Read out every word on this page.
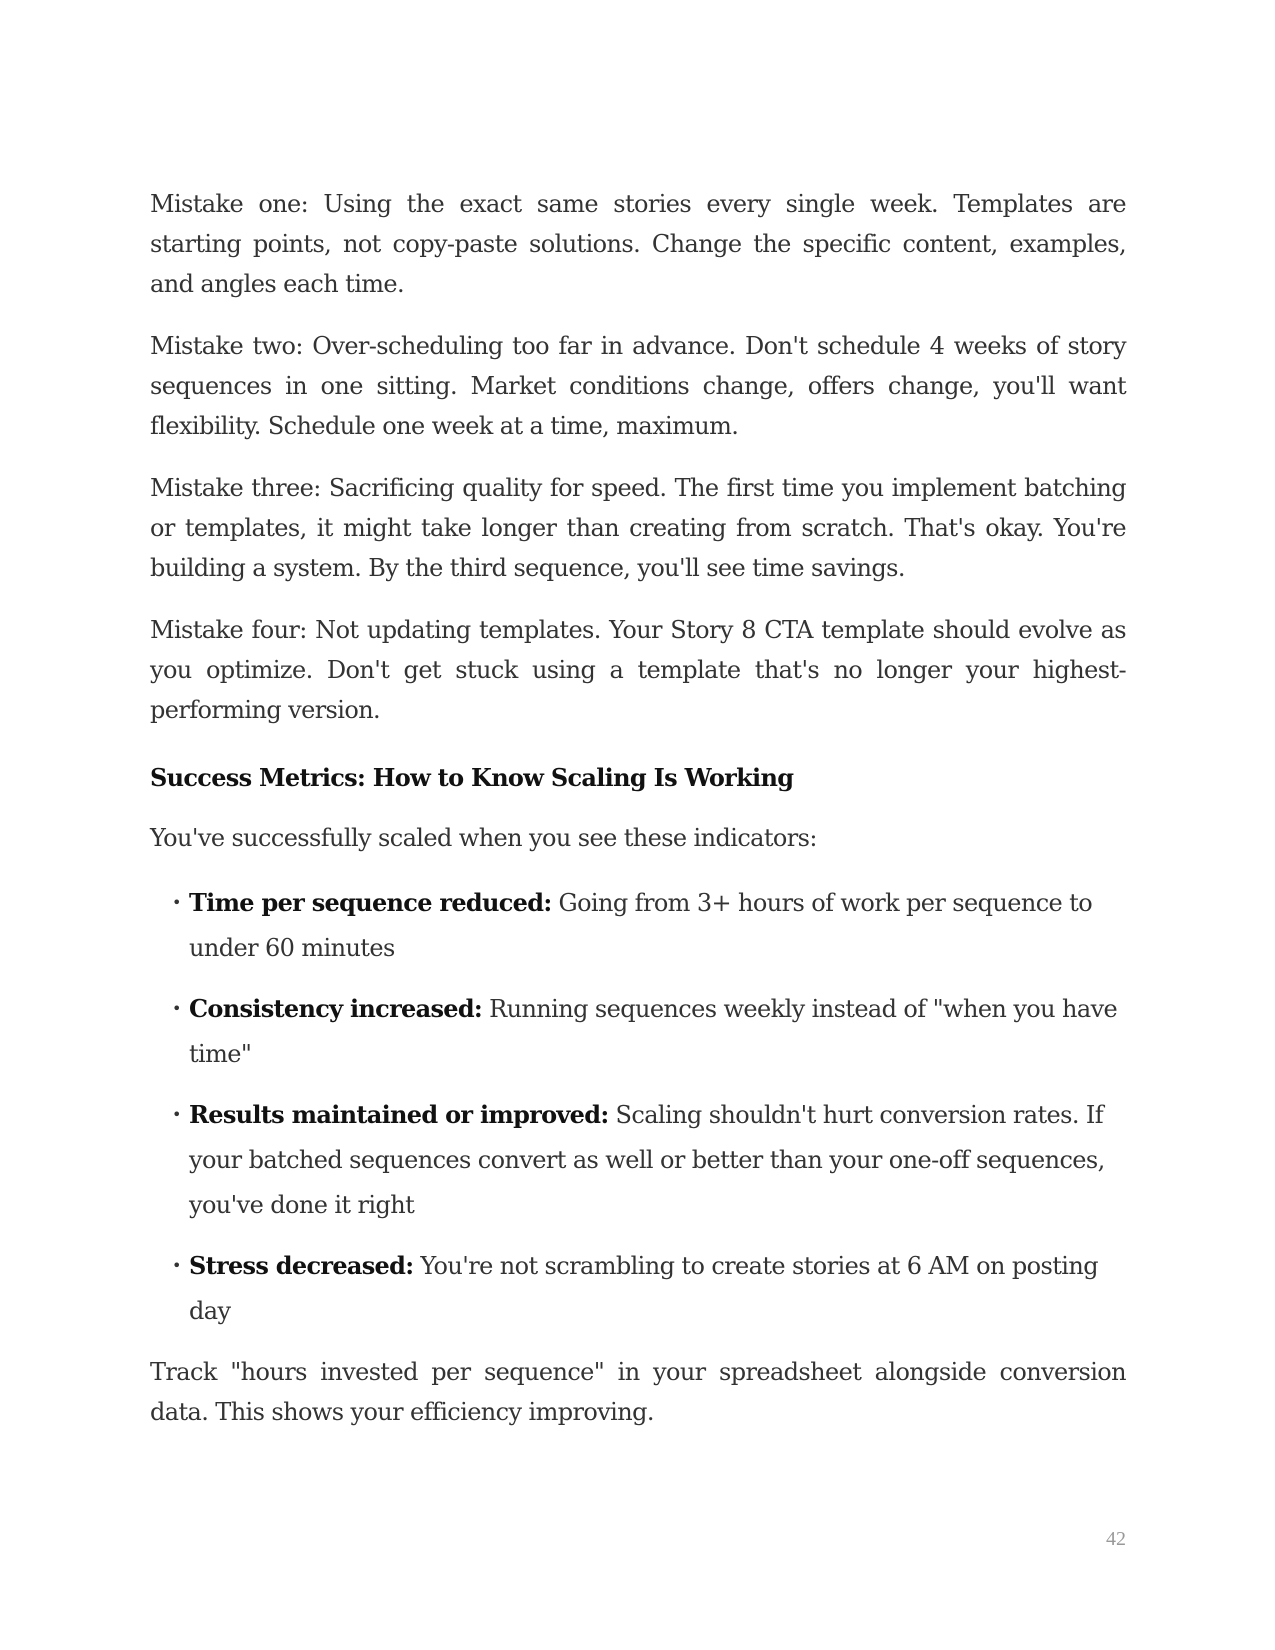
Mistake one: Using the exact same stories every single week. Templates are starting points, not copy-paste solutions. Change the specific content, examples, and angles each time.

Mistake two: Over-scheduling too far in advance. Don't schedule 4 weeks of story sequences in one sitting. Market conditions change, offers change, you'll want flexibility. Schedule one week at a time, maximum.

Mistake three: Sacrificing quality for speed. The first time you implement batching or templates, it might take longer than creating from scratch. That's okay. You're building a system. By the third sequence, you'll see time savings.

Mistake four: Not updating templates. Your Story 8 CTA template should evolve as you optimize. Don't get stuck using a template that's no longer your highest-performing version.

Success Metrics: How to Know Scaling Is Working

You've successfully scaled when you see these indicators:

• Time per sequence reduced: Going from 3+ hours of work per sequence to under 60 minutes
• Consistency increased: Running sequences weekly instead of "when you have time"
• Results maintained or improved: Scaling shouldn't hurt conversion rates. If your batched sequences convert as well or better than your one-off sequences, you've done it right
• Stress decreased: You're not scrambling to create stories at 6 AM on posting day

Track "hours invested per sequence" in your spreadsheet alongside conversion data. This shows your efficiency improving.

42
